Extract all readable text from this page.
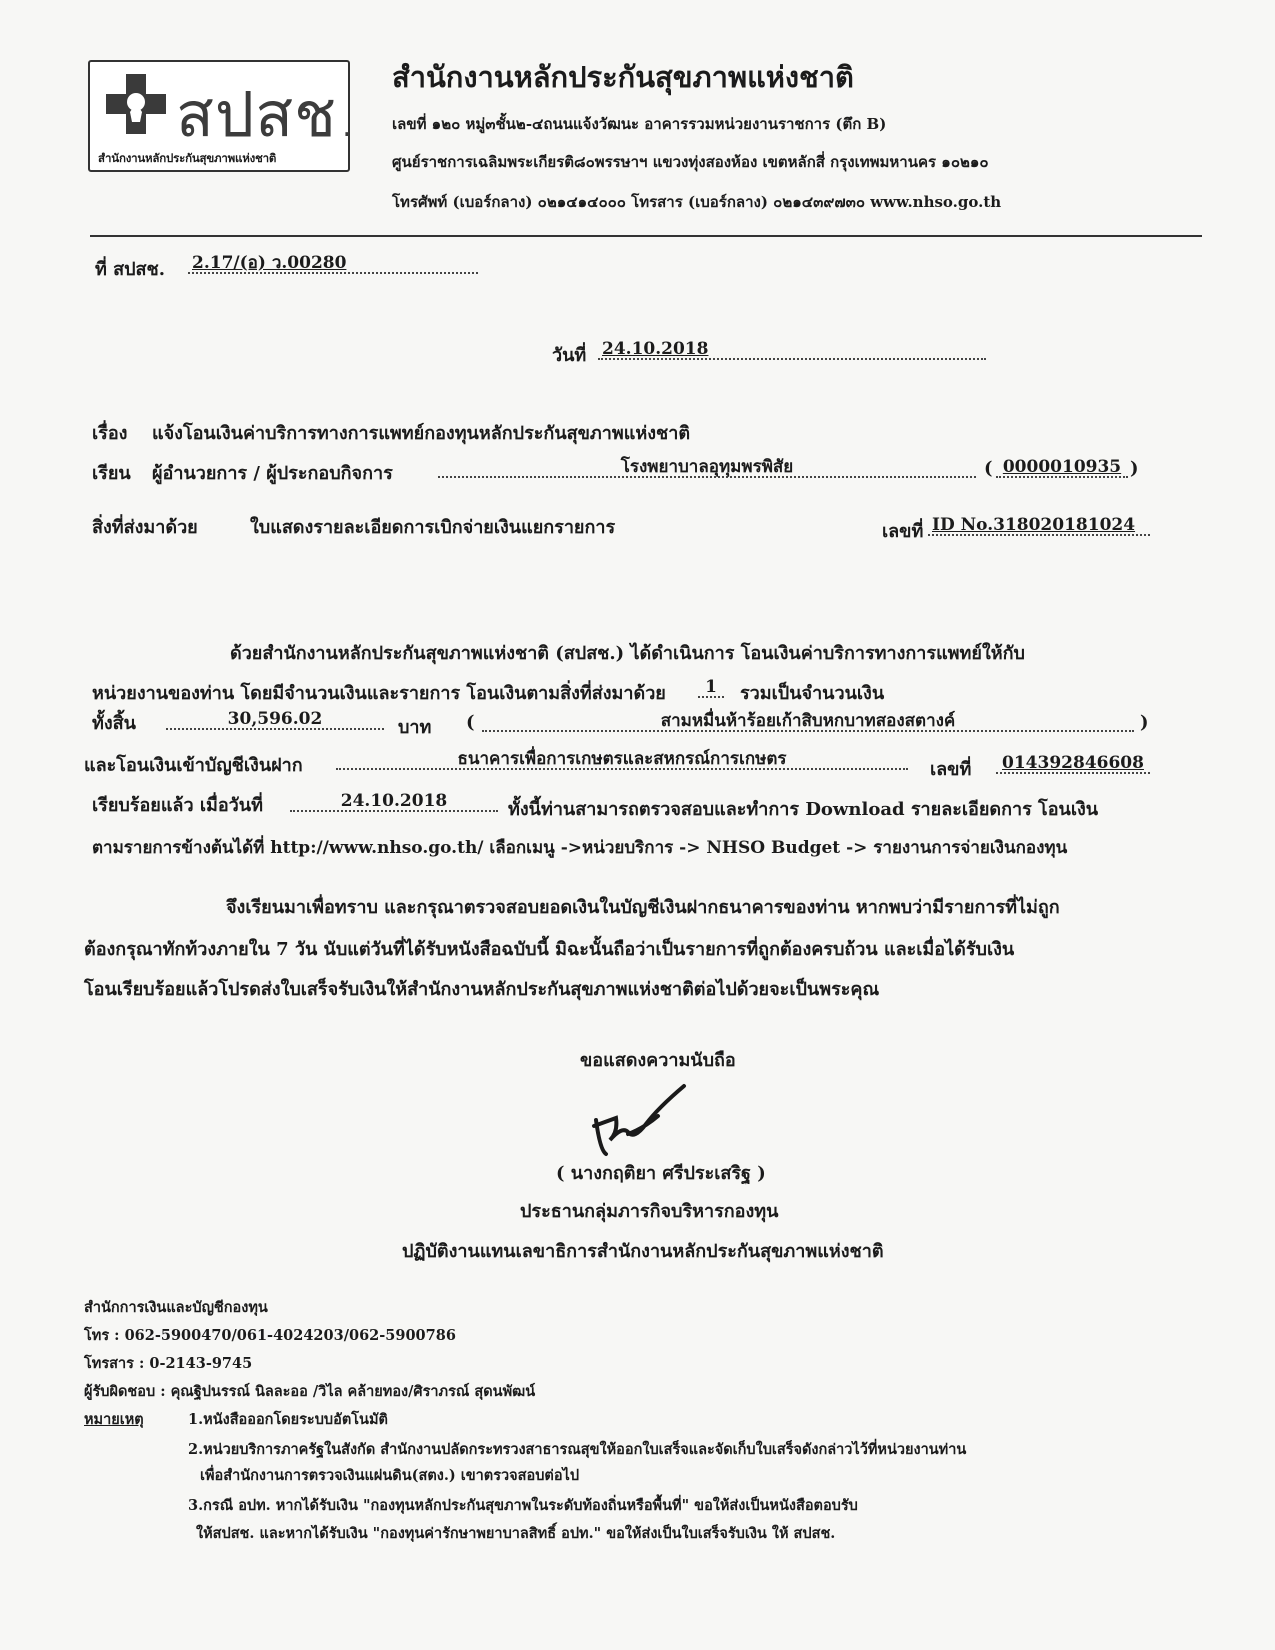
สปสช.
สำนักงานหลักประกันสุขภาพแห่งชาติ
สำนักงานหลักประกันสุขภาพแห่งชาติ
เลขที่ ๑๒๐ หมู่๓ชั้น๒-๔ถนนแจ้งวัฒนะ อาคารรวมหน่วยงานราชการ (ตึก B)
ศูนย์ราชการเฉลิมพระเกียรติ๘๐พรรษาฯ แขวงทุ่งสองห้อง เขตหลักสี่ กรุงเทพมหานคร ๑๐๒๑๐
โทรศัพท์ (เบอร์กลาง) ๐๒๑๔๑๔๐๐๐ โทรสาร (เบอร์กลาง) ๐๒๑๔๓๙๗๓๐ www.nhso.go.th
ที่ สปสช. 2.17/(อ) ว.00280
วันที่ 24.10.2018
เรื่อง แจ้งโอนเงินค่าบริการทางการแพทย์กองทุนหลักประกันสุขภาพแห่งชาติ
เรียน ผู้อำนวยการ / ผู้ประกอบกิจการ	โรงพยาบาลอุทุมพรพิสัย	( 0000010935 )
สิ่งที่ส่งมาด้วย	ใบแสดงรายละเอียดการเบิกจ่ายเงินแยกรายการ	เลขที่ ID No.318020181024
ด้วยสำนักงานหลักประกันสุขภาพแห่งชาติ (สปสช.) ได้ดำเนินการ โอนเงินค่าบริการทางการแพทย์ให้กับ
หน่วยงานของท่าน โดยมีจำนวนเงินและรายการ โอนเงินตามสิ่งที่ส่งมาด้วย	1	รวมเป็นจำนวนเงิน
ทั้งสิ้น	30,596.02	บาท (	สามหมื่นห้าร้อยเก้าสิบหกบาทสองสตางค์	)
และโอนเงินเข้าบัญชีเงินฝาก	ธนาคารเพื่อการเกษตรและสหกรณ์การเกษตร	เลขที่	014392846608
เรียบร้อยแล้ว เมื่อวันที่	24.10.2018	ทั้งนี้ท่านสามารถตรวจสอบและทำการ Download รายละเอียดการ โอนเงิน
ตามรายการข้างต้นได้ที่ http://www.nhso.go.th/ เลือกเมนู ->หน่วยบริการ -> NHSO Budget -> รายงานการจ่ายเงินกองทุน
จึงเรียนมาเพื่อทราบ และกรุณาตรวจสอบยอดเงินในบัญชีเงินฝากธนาคารของท่าน หากพบว่ามีรายการที่ไม่ถูก
ต้องกรุณาทักท้วงภายใน 7 วัน นับแต่วันที่ได้รับหนังสือฉบับนี้ มิฉะนั้นถือว่าเป็นรายการที่ถูกต้องครบถ้วน และเมื่อได้รับเงิน
โอนเรียบร้อยแล้วโปรดส่งใบเสร็จรับเงินให้สำนักงานหลักประกันสุขภาพแห่งชาติต่อไปด้วยจะเป็นพระคุณ
ขอแสดงความนับถือ
( นางกฤติยา ศรีประเสริฐ )
ประธานกลุ่มภารกิจบริหารกองทุน
ปฏิบัติงานแทนเลขาธิการสำนักงานหลักประกันสุขภาพแห่งชาติ
สำนักการเงินและบัญชีกองทุน
โทร : 062-5900470/061-4024203/062-5900786
โทรสาร : 0-2143-9745
ผู้รับผิดชอบ : คุณฐิปนรรณ์ นิลละออ /วิไล คล้ายทอง/ศิราภรณ์ สุดนพัฒน์
หมายเหตุ	1.หนังสือออกโดยระบบอัตโนมัติ
2.หน่วยบริการภาครัฐในสังกัด สำนักงานปลัดกระทรวงสาธารณสุขให้ออกใบเสร็จและจัดเก็บใบเสร็จดังกล่าวไว้ที่หน่วยงานท่าน
เพื่อสำนักงานการตรวจเงินแผ่นดิน(สตง.) เขาตรวจสอบต่อไป
3.กรณี อปท. หากได้รับเงิน "กองทุนหลักประกันสุขภาพในระดับท้องถิ่นหรือพื้นที่" ขอให้ส่งเป็นหนังสือตอบรับ
ให้สปสช. และหากได้รับเงิน "กองทุนค่ารักษาพยาบาลสิทธิ์ อปท." ขอให้ส่งเป็นใบเสร็จรับเงิน ให้ สปสช.
